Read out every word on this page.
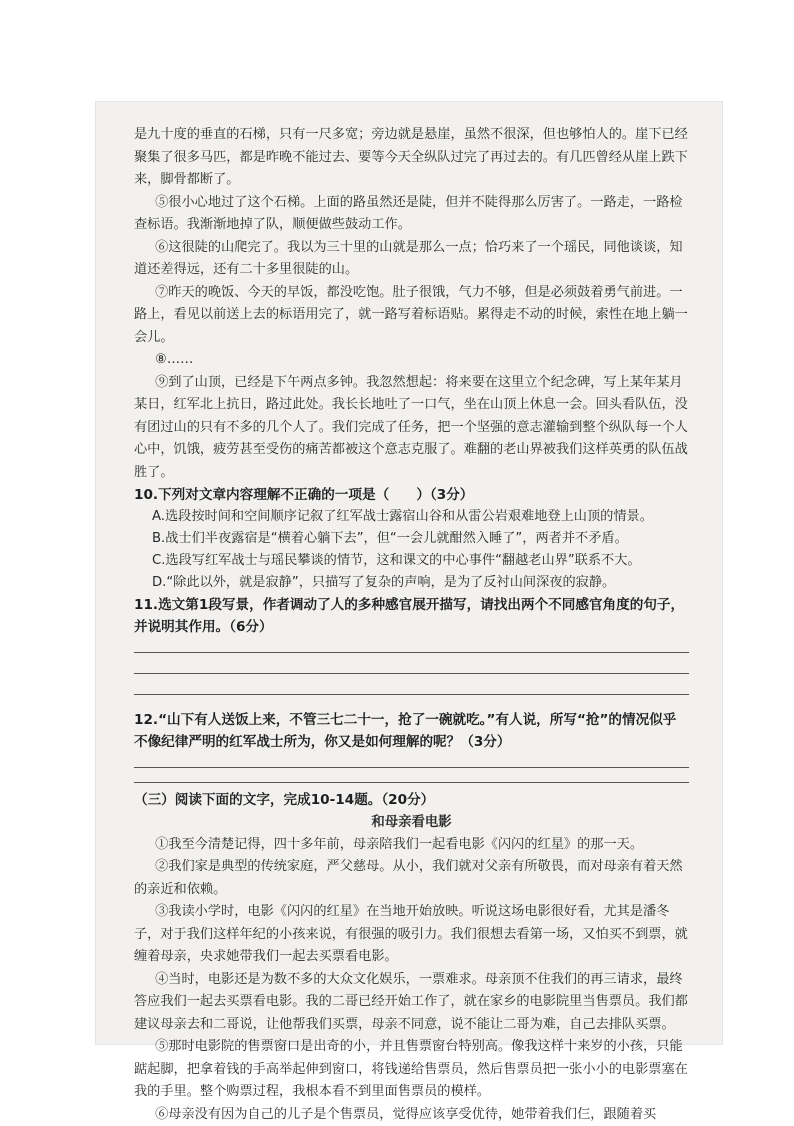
是九十度的垂直的石梯，只有一尺多宽；旁边就是悬崖，虽然不很深，但也够怕人的。崖下已经聚集了很多马匹，都是昨晚不能过去、要等今天全纵队过完了再过去的。有几匹曾经从崖上跌下来，脚骨都断了。

⑤很小心地过了这个石梯。上面的路虽然还是陡，但并不陡得那么厉害了。一路走，一路检查标语。我渐渐地掉了队，顺便做些鼓动工作。

⑥这很陡的山爬完了。我以为三十里的山就是那么一点；恰巧来了一个瑶民，同他谈谈，知道还差得远，还有二十多里很陡的山。

⑦昨天的晚饭、今天的早饭，都没吃饱。肚子很饿，气力不够，但是必须鼓着勇气前进。一路上，看见以前送上去的标语用完了，就一路写着标语贴。累得走不动的时候，索性在地上躺一会儿。

⑧……

⑨到了山顶，已经是下午两点多钟。我忽然想起：将来要在这里立个纪念碑，写上某年某月某日，红军北上抗日，路过此处。我长长地吐了一口气，坐在山顶上休息一会。回头看队伍，没有团过山的只有不多的几个人了。我们完成了任务，把一个坚强的意志灌输到整个纵队每一个人心中，饥饿，疲劳甚至受伤的痛苦都被这个意志克服了。难翻的老山界被我们这样英勇的队伍战胜了。

10.下列对文章内容理解不正确的一项是（　　）（3分）

A.选段按时间和空间顺序记叙了红军战士露宿山谷和从雷公岩艰难地登上山顶的情景。

B.战士们半夜露宿是“横着心躺下去”，但“一会儿就酣然入睡了”，两者并不矛盾。

C.选段写红军战士与瑶民攀谈的情节，这和课文的中心事件“翻越老山界”联系不大。

D.“除此以外，就是寂静”，只描写了复杂的声响，是为了反衬山间深夜的寂静。

11.选文第1段写景，作者调动了人的多种感官展开描写，请找出两个不同感官角度的句子，并说明其作用。（6分）

12.“山下有人送饭上来，不管三七二十一，抢了一碗就吃。”有人说，所写“抢”的情况似乎不像纪律严明的红军战士所为，你又是如何理解的呢？（3分）

（三）阅读下面的文字，完成10-14题。（20分）

和母亲看电影

①我至今清楚记得，四十多年前，母亲陪我们一起看电影《闪闪的红星》的那一天。

②我们家是典型的传统家庭，严父慈母。从小，我们就对父亲有所敬畏，而对母亲有着天然的亲近和依赖。

③我读小学时，电影《闪闪的红星》在当地开始放映。听说这场电影很好看，尤其是潘冬子，对于我们这样年纪的小孩来说，有很强的吸引力。我们很想去看第一场，又怕买不到票，就缠着母亲，央求她带我们一起去买票看电影。

④当时，电影还是为数不多的大众文化娱乐，一票难求。母亲顶不住我们的再三请求，最终答应我们一起去买票看电影。我的二哥已经开始工作了，就在家乡的电影院里当售票员。我们都建议母亲去和二哥说，让他帮我们买票，母亲不同意，说不能让二哥为难，自己去排队买票。

⑤那时电影院的售票窗口是出奇的小，并且售票窗台特别高。像我这样十来岁的小孩，只能踮起脚，把拿着钱的手高举起伸到窗口，将钱递给售票员，然后售票员把一张小小的电影票塞在我的手里。整个购票过程，我根本看不到里面售票员的模样。

⑥母亲没有因为自己的儿子是个售票员，觉得应该享受优待，她带着我们仨，跟随着买
